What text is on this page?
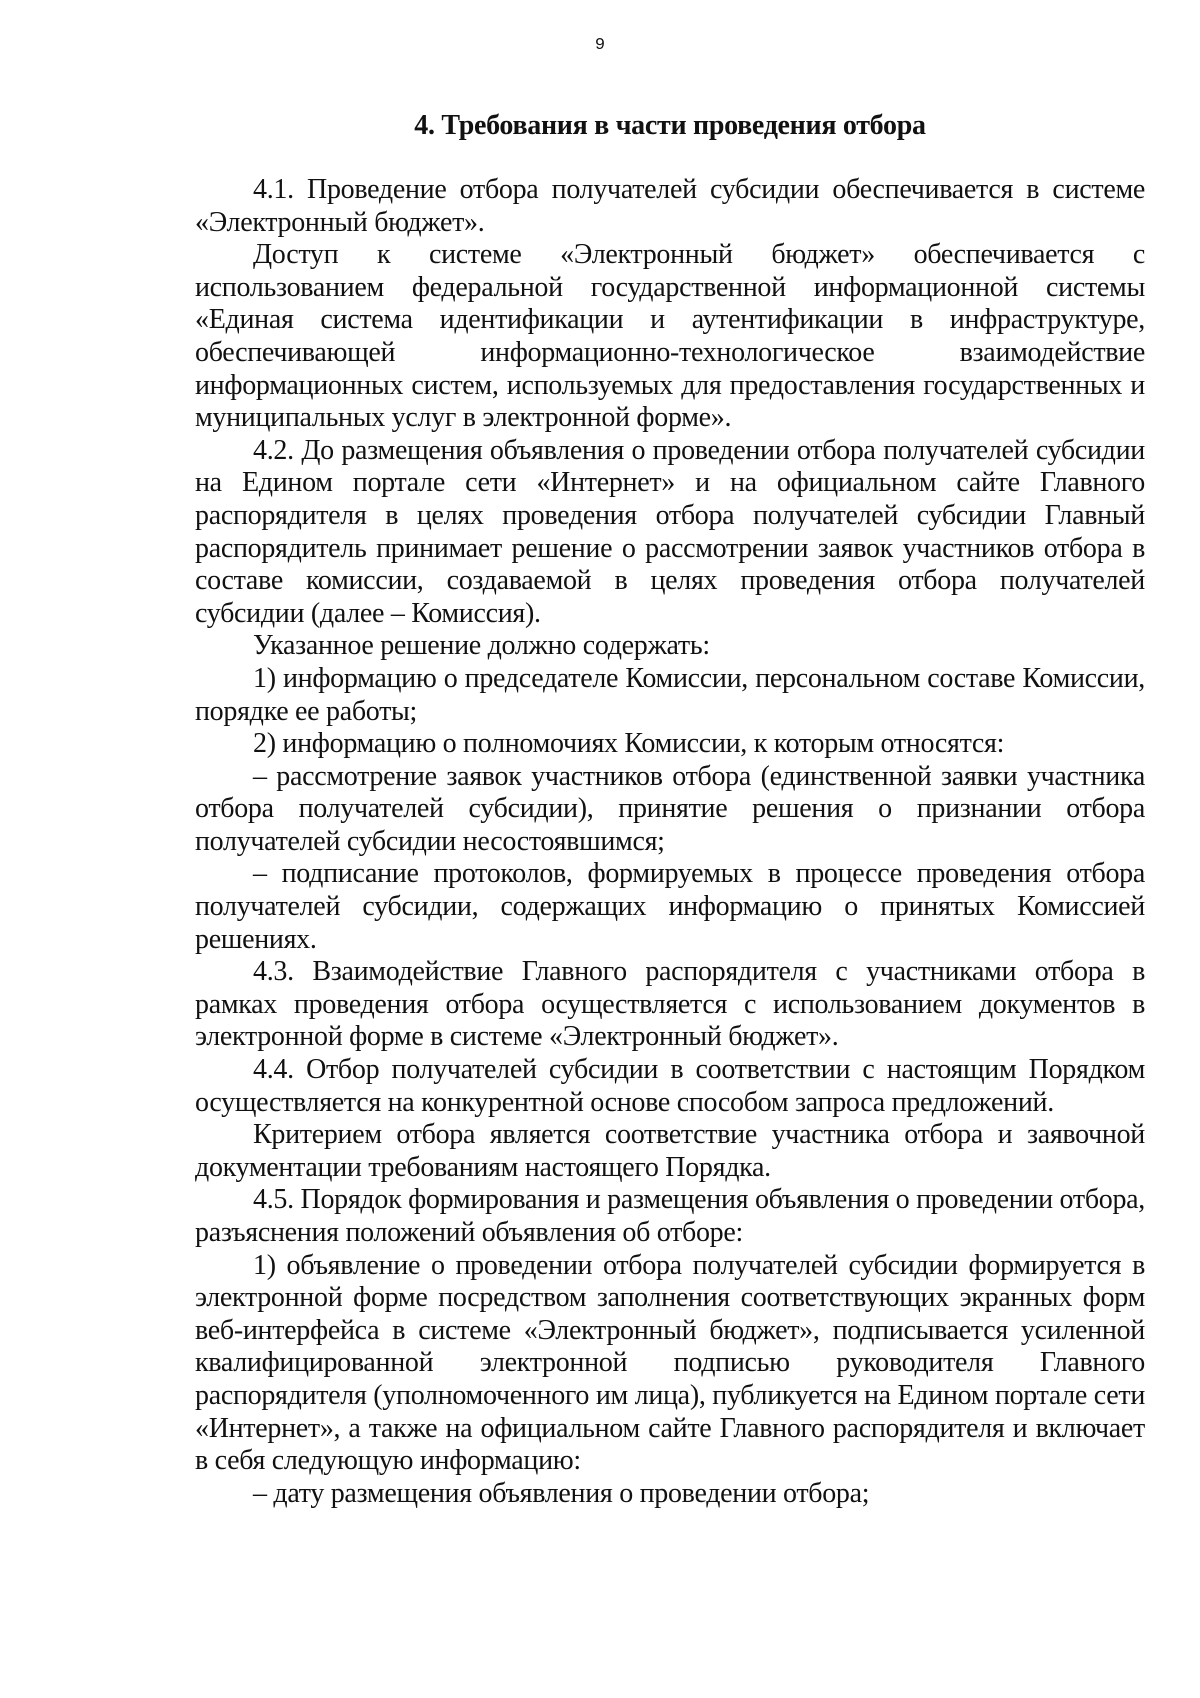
9
4. Требования в части проведения отбора

4.1. Проведение отбора получателей субсидии обеспечивается в системе «Электронный бюджет».

Доступ к системе «Электронный бюджет» обеспечивается с использованием федеральной государственной информационной системы «Единая система идентификации и аутентификации в инфраструктуре, обеспечивающей информационно-технологическое взаимодействие информационных систем, используемых для предоставления государственных и муниципальных услуг в электронной форме».

4.2. До размещения объявления о проведении отбора получателей субсидии на Едином портале сети «Интернет» и на официальном сайте Главного распорядителя в целях проведения отбора получателей субсидии Главный распорядитель принимает решение о рассмотрении заявок участников отбора в составе комиссии, создаваемой в целях проведения отбора получателей субсидии (далее – Комиссия).

Указанное решение должно содержать:

1) информацию о председателе Комиссии, персональном составе Комиссии, порядке ее работы;

2) информацию о полномочиях Комиссии, к которым относятся:

– рассмотрение заявок участников отбора (единственной заявки участника отбора получателей субсидии), принятие решения о признании отбора получателей субсидии несостоявшимся;

– подписание протоколов, формируемых в процессе проведения отбора получателей субсидии, содержащих информацию о принятых Комиссией решениях.

4.3. Взаимодействие Главного распорядителя с участниками отбора в рамках проведения отбора осуществляется с использованием документов в электронной форме в системе «Электронный бюджет».

4.4. Отбор получателей субсидии в соответствии с настоящим Порядком осуществляется на конкурентной основе способом запроса предложений.

Критерием отбора является соответствие участника отбора и заявочной документации требованиям настоящего Порядка.

4.5. Порядок формирования и размещения объявления о проведении отбора, разъяснения положений объявления об отборе:

1) объявление о проведении отбора получателей субсидии формируется в электронной форме посредством заполнения соответствующих экранных форм веб-интерфейса в системе «Электронный бюджет», подписывается усиленной квалифицированной электронной подписью руководителя Главного распорядителя (уполномоченного им лица), публикуется на Едином портале сети «Интернет», а также на официальном сайте Главного распорядителя и включает в себя следующую информацию:

– дату размещения объявления о проведении отбора;
